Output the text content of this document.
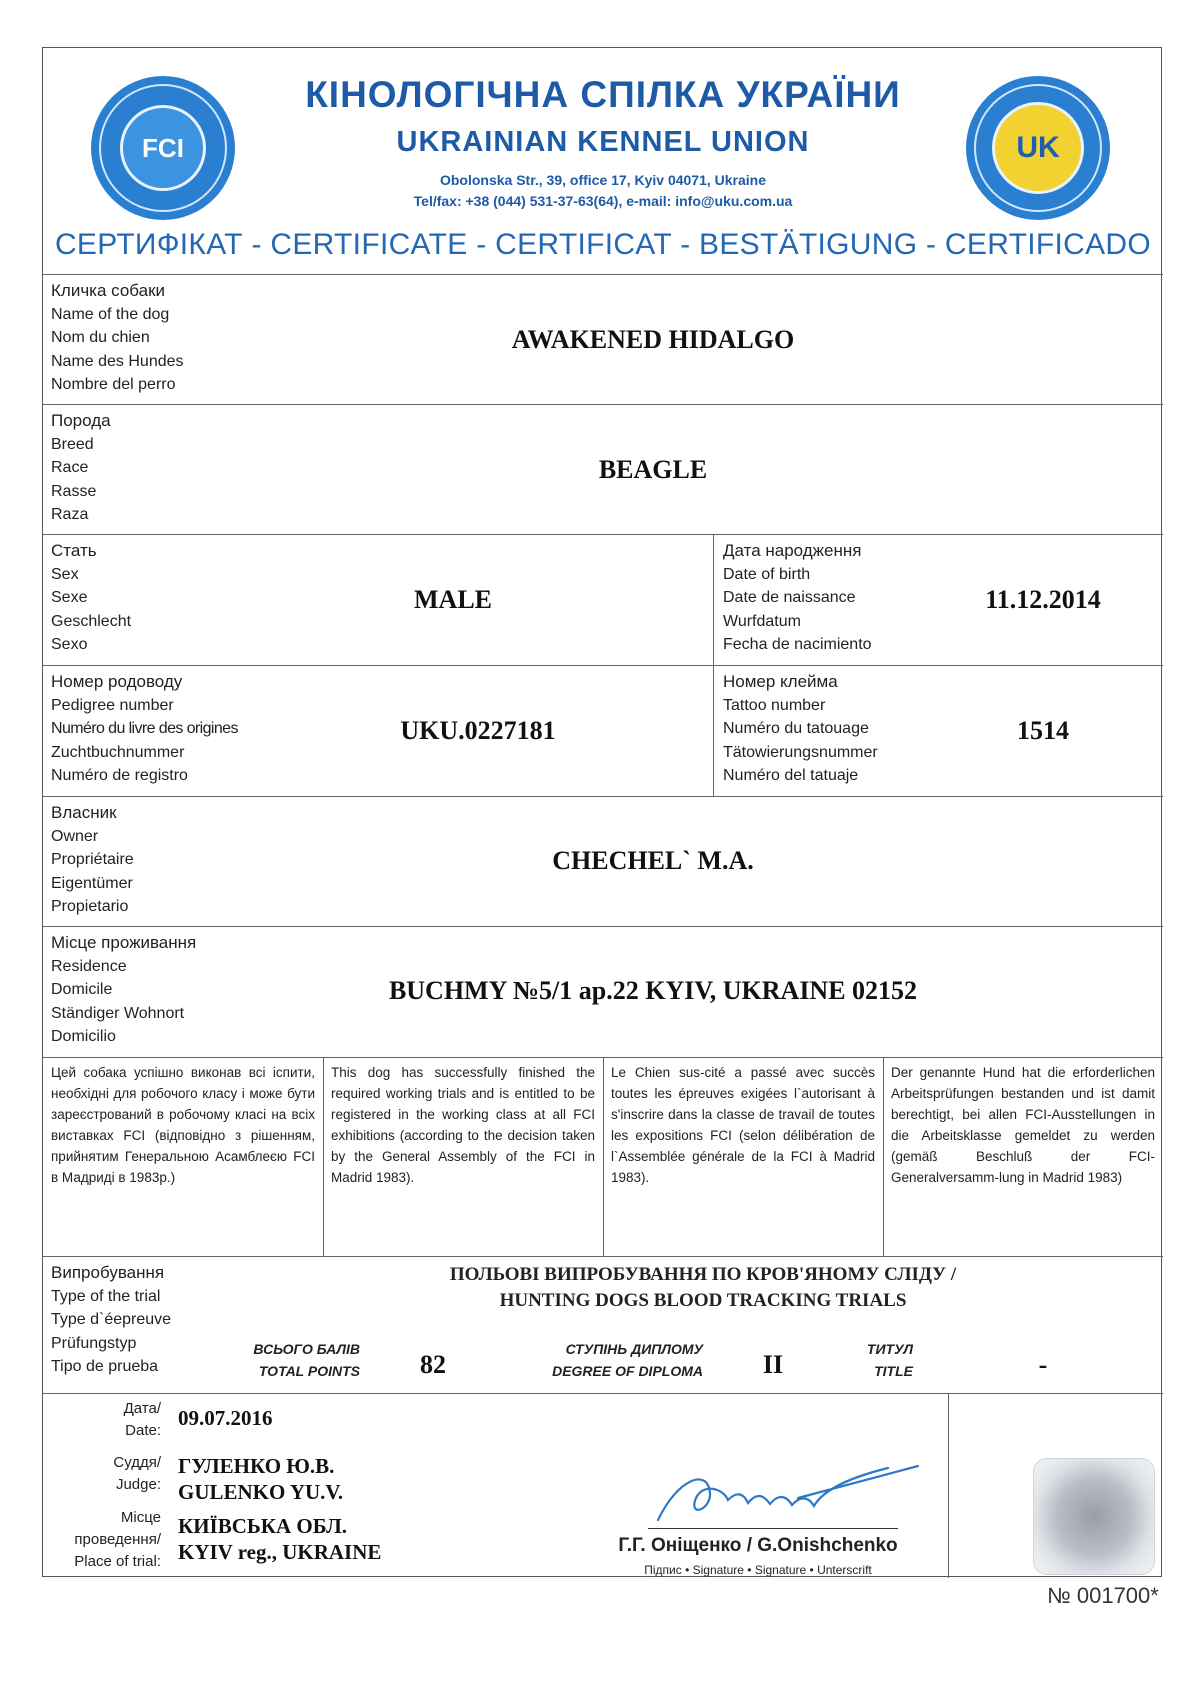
FCI
КІНОЛОГІЧНА СПІЛКА УКРАЇНИ
UKRAINIAN KENNEL UNION
Obolonska Str., 39, office 17, Kyiv 04071, Ukraine
Tel/fax: +38 (044) 531-37-63(64), e-mail: info@uku.com.ua
UK
СЕРТИФІКАТ - CERTIFICATE - CERTIFICAT - BESTÄTIGUNG - CERTIFICADO
Кличка собаки
Name of the dog
Nom du chien
Name des Hundes
Nombre del perro
AWAKENED HIDALGO
Порода
Breed
Race
Rasse
Raza
BEAGLE
Стать
Sex
Sexe
Geschlecht
Sexo
MALE
Дата народження
Date of birth
Date de naissance
Wurfdatum
Fecha de nacimiento
11.12.2014
Номер родоводу
Pedigree number
Numéro du livre des origines
Zuchtbuchnummer
Numéro de registro
UKU.0227181
Номер клейма
Tattoo number
Numéro du tatouage
Tätowierungsnummer
Numéro del tatuaje
1514
Власник
Owner
Propriétaire
Eigentümer
Propietario
CHECHEL` M.A.
Місце проживання
Residence
Domicile
Ständiger Wohnort
Domicilio
BUCHMY №5/1 ap.22 KYIV, UKRAINE 02152
Цей собака успішно виконав всі іспити, необхідні для робочого класу і може бути зареєстрований в робочому класі на всіх виставках FCI (відповідно з рішенням, прийнятим Генеральною Асамблеєю FCI в Мадриді в 1983р.)
This dog has successfully finished the required working trials and is entitled to be registered in the working class at all FCI exhibitions (according to the decision taken by the General Assembly of the FCI in Madrid 1983).
Le Chien sus-cité a passé avec succès toutes les épreuves exigées l`autorisant à s'inscrire dans la classe de travail de toutes les expositions FCI (selon délibération de l`Assemblée générale de la FCI à Madrid 1983).
Der genannte Hund hat die erforderlichen Arbeitsprüfungen bestanden und ist damit berechtigt, bei allen FCI-Ausstellungen in die Arbeitsklasse gemeldet zu werden (gemäß Beschluß der FCI-Generalversamm-lung in Madrid 1983)
Випробування
Type of the trial
Type d`éepreuve
Prüfungstyp
Tipo de prueba
ПОЛЬОВІ ВИПРОБУВАННЯ ПО КРОВ'ЯНОМУ СЛІДУ /
HUNTING DOGS BLOOD TRACKING TRIALS
ВСЬОГО БАЛІВ
TOTAL POINTS	82
СТУПІНЬ ДИПЛОМУ
DEGREE OF DIPLOMA	II
ТИТУЛ
TITLE	-
Дата/
Date:
09.07.2016
Суддя/
Judge:
ГУЛЕНКО Ю.В.
GULENKO YU.V.
Місце
проведення/
Place of trial:
КИЇВСЬКА ОБЛ.
KYIV reg., UKRAINE	Г.Г. Оніщенко / G.Onishchenko
Підпис • Signature • Signature • Unterscrift
№ 001700*
